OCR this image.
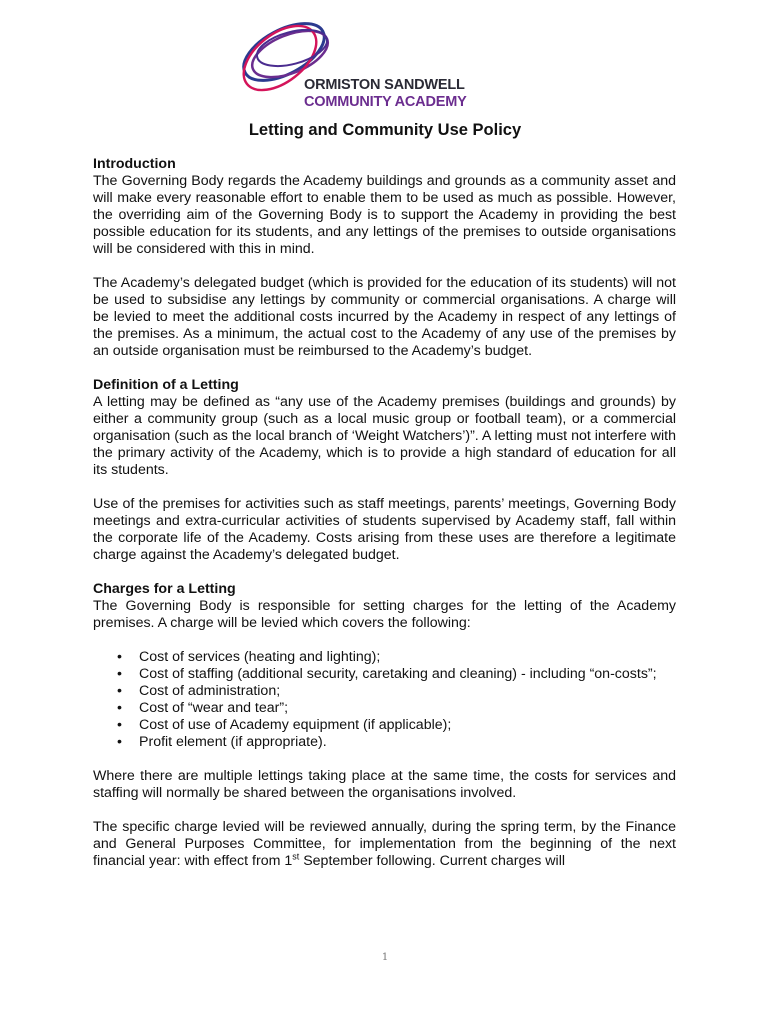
ORMISTON SANDWELL
COMMUNITY ACADEMY
Letting and Community Use Policy
Introduction

The Governing Body regards the Academy buildings and grounds as a community asset and will make every reasonable effort to enable them to be used as much as possible. However, the overriding aim of the Governing Body is to support the Academy in providing the best possible education for its students, and any lettings of the premises to outside organisations will be considered with this in mind.

The Academy’s delegated budget (which is provided for the education of its students) will not be used to subsidise any lettings by community or commercial organisations. A charge will be levied to meet the additional costs incurred by the Academy in respect of any lettings of the premises. As a minimum, the actual cost to the Academy of any use of the premises by an outside organisation must be reimbursed to the Academy’s budget.

Definition of a Letting

A letting may be defined as “any use of the Academy premises (buildings and grounds) by either a community group (such as a local music group or football team), or a commercial organisation (such as the local branch of ‘Weight Watchers’)”. A letting must not interfere with the primary activity of the Academy, which is to provide a high standard of education for all its students.

Use of the premises for activities such as staff meetings, parents’ meetings, Governing Body meetings and extra-curricular activities of students supervised by Academy staff, fall within the corporate life of the Academy. Costs arising from these uses are therefore a legitimate charge against the Academy’s delegated budget.

Charges for a Letting

The Governing Body is responsible for setting charges for the letting of the Academy premises. A charge will be levied which covers the following:

• Cost of services (heating and lighting);
• Cost of staffing (additional security, caretaking and cleaning) - including “on-costs”;
• Cost of administration;
• Cost of “wear and tear”;
• Cost of use of Academy equipment (if applicable);
• Profit element (if appropriate).

Where there are multiple lettings taking place at the same time, the costs for services and staffing will normally be shared between the organisations involved.

The specific charge levied will be reviewed annually, during the spring term, by the Finance and General Purposes Committee, for implementation from the beginning of the next financial year: with effect from 1st September following. Current charges will

1
